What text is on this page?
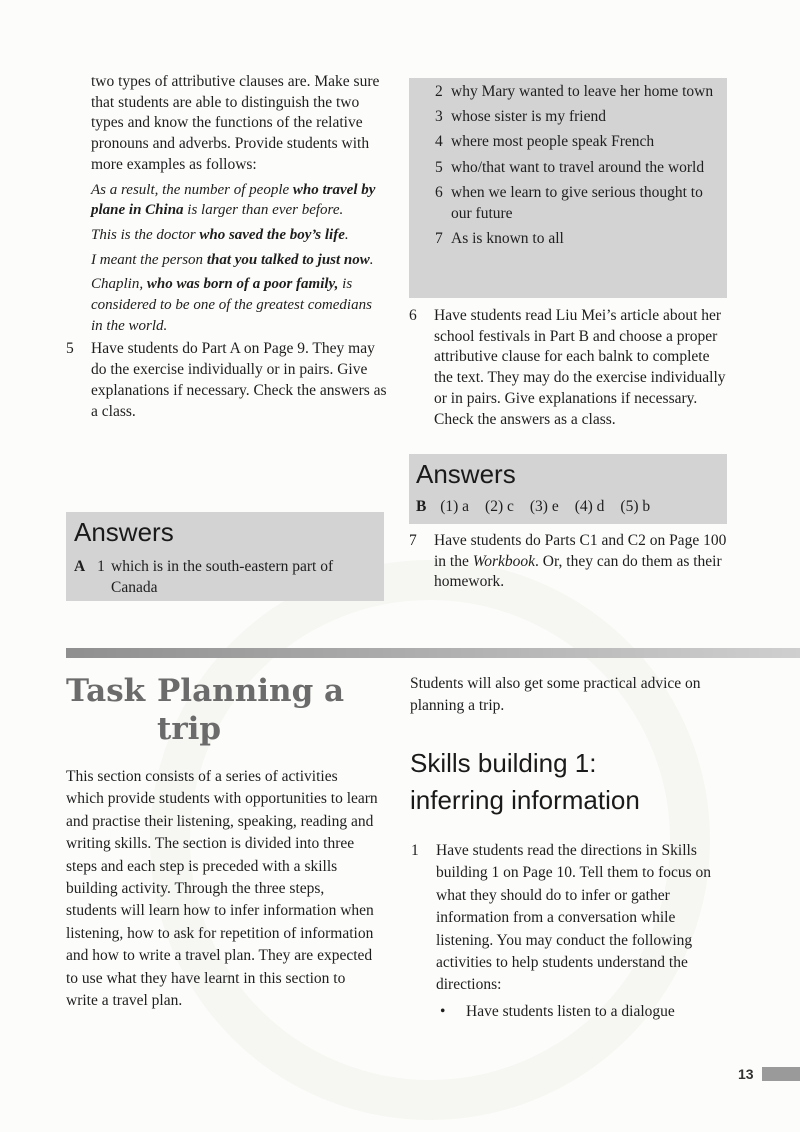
two types of attributive clauses are. Make sure that students are able to distinguish the two types and know the functions of the relative pronouns and adverbs. Provide students with more examples as follows:
As a result, the number of people who travel by plane in China is larger than ever before.
This is the doctor who saved the boy’s life.
I meant the person that you talked to just now.
Chaplin, who was born of a poor family, is considered to be one of the greatest comedians in the world.
5 Have students do Part A on Page 9. They may do the exercise individually or in pairs. Give explanations if necessary. Check the answers as a class.
Answers
A 1 which is in the south-eastern part of Canada
2 why Mary wanted to leave her home town
3 whose sister is my friend
4 where most people speak French
5 who/that want to travel around the world
6 when we learn to give serious thought to our future
7 As is known to all
6 Have students read Liu Mei’s article about her school festivals in Part B and choose a proper attributive clause for each balnk to complete the text. They may do the exercise individually or in pairs. Give explanations if necessary. Check the answers as a class.
Answers
B (1) a (2) c (3) e (4) d (5) b
7 Have students do Parts C1 and C2 on Page 100 in the Workbook. Or, they can do them as their homework.
Task Planning a
trip
This section consists of a series of activities which provide students with opportunities to learn and practise their listening, speaking, reading and writing skills. The section is divided into three steps and each step is preceded with a skills building activity. Through the three steps, students will learn how to infer information when listening, how to ask for repetition of information and how to write a travel plan. They are expected to use what they have learnt in this section to write a travel plan.
Students will also get some practical advice on planning a trip.
Skills building 1:
inferring information
1 Have students read the directions in Skills building 1 on Page 10. Tell them to focus on what they should do to infer or gather information from a conversation while listening. You may conduct the following activities to help students understand the directions:
• Have students listen to a dialogue
13
